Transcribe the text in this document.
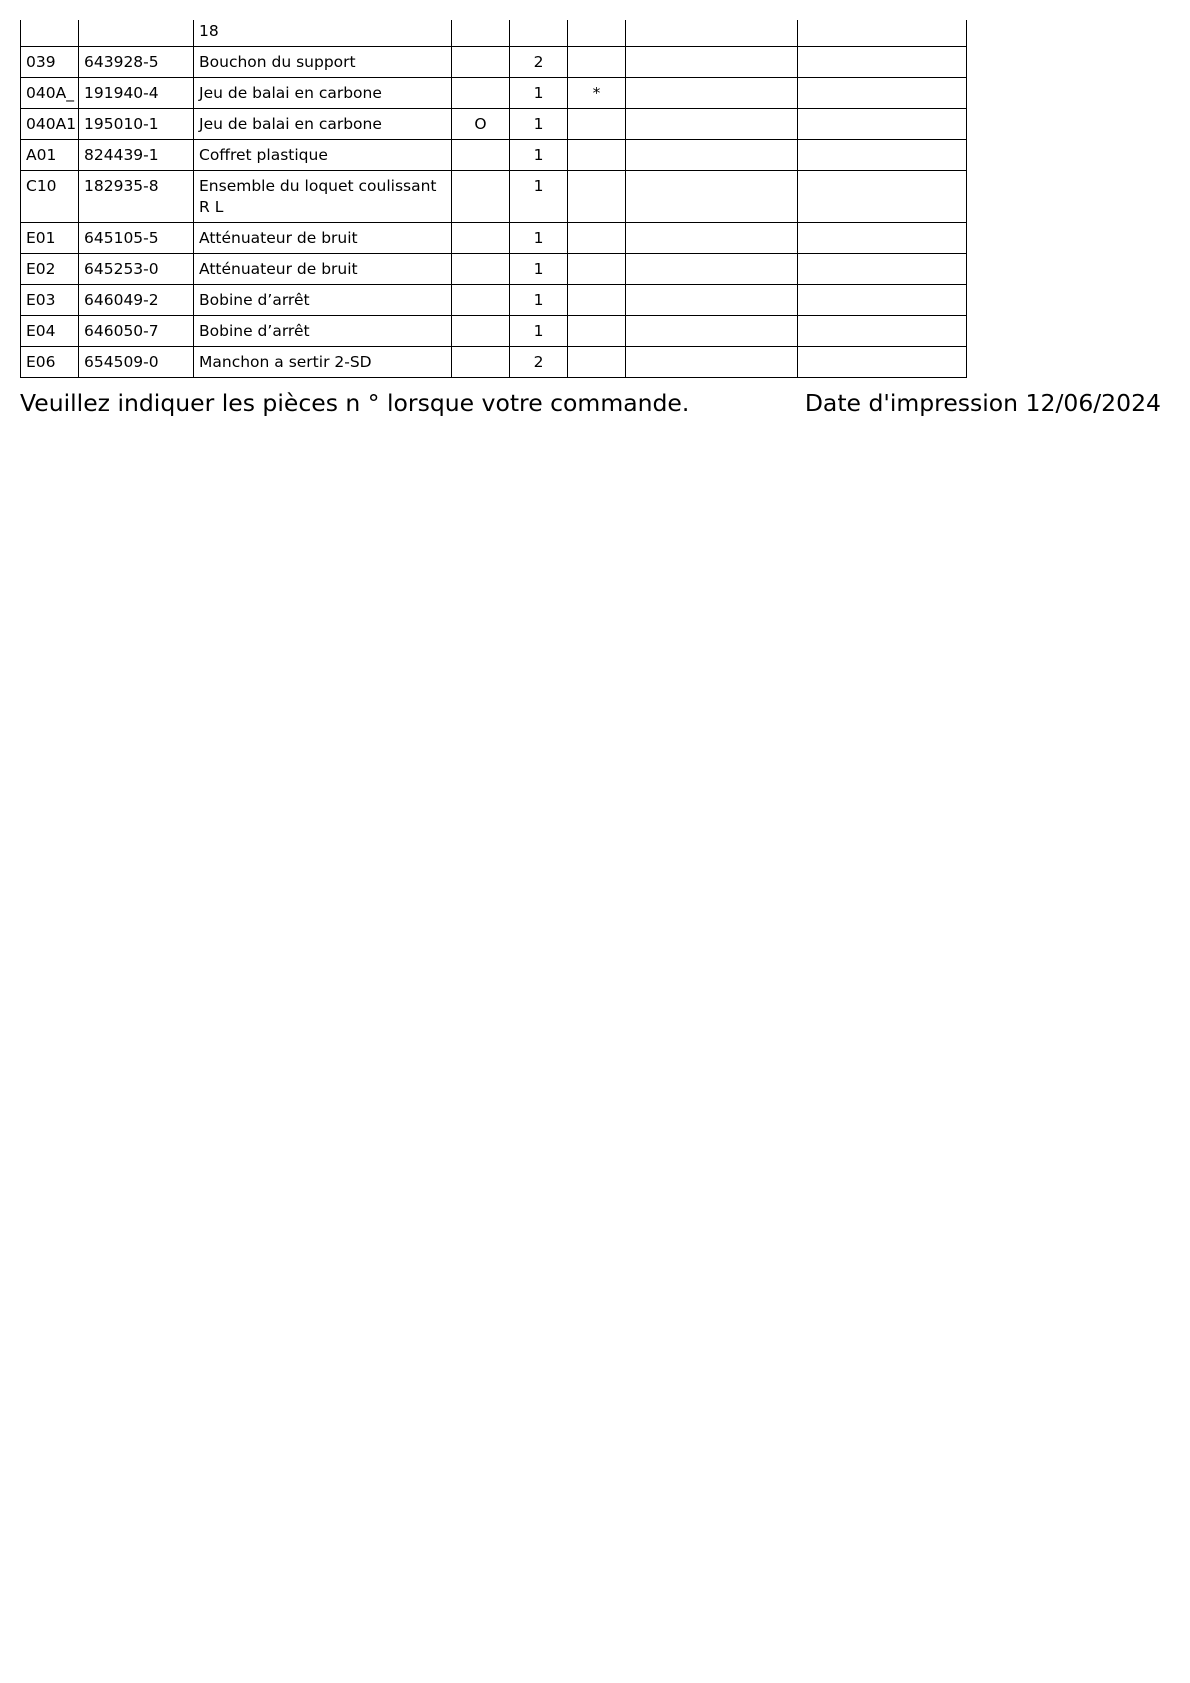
		18					
039	643928-5	Bouchon du support		2			
040A_	191940-4	Jeu de balai en carbone		1	*		
040A1	195010-1	Jeu de balai en carbone	O	1			
A01	824439-1	Coffret plastique		1			
C10	182935-8	Ensemble du loquet coulissant R L		1			
E01	645105-5	Atténuateur de bruit		1			
E02	645253-0	Atténuateur de bruit		1			
E03	646049-2	Bobine d’arrêt		1			
E04	646050-7	Bobine d’arrêt		1			
E06	654509-0	Manchon a sertir 2-SD		2			
Veuillez indiquer les pièces n ° lorsque votre commande.	Date d'impression 12/06/2024
